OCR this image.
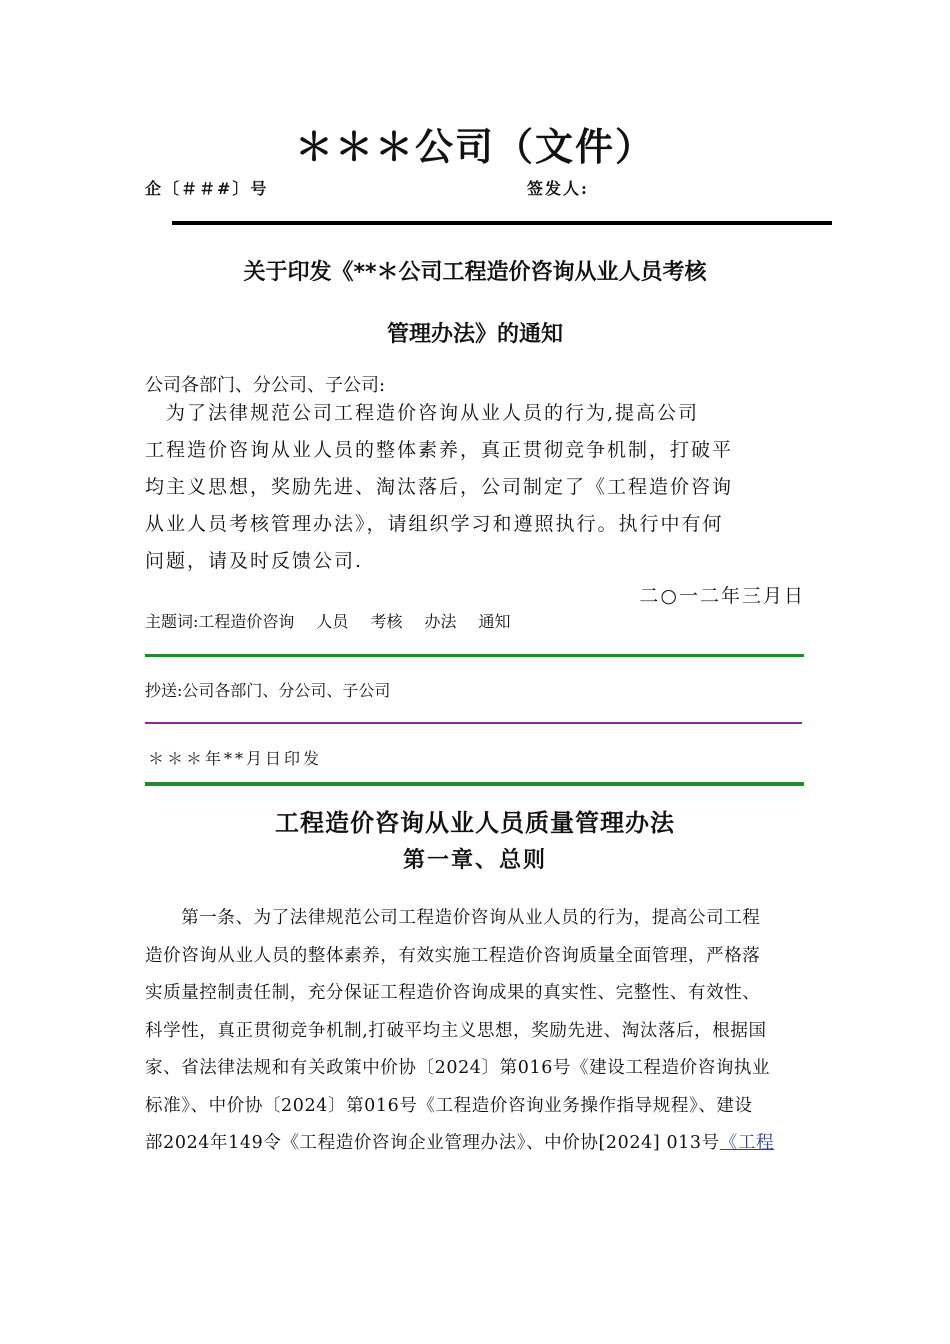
＊＊＊公司（文件）
企〔＃＃#〕号	签发人:
关于印发《**＊公司工程造价咨询从业人员考核
管理办法》的通知
公司各部门、分公司、子公司:
　为了法律规范公司工程造价咨询从业人员的行为,提高公司
工程造价咨询从业人员的整体素养，真正贯彻竞争机制，打破平
均主义思想，奖励先进、淘汰落后，公司制定了《工程造价咨询
从业人员考核管理办法》，请组织学习和遵照执行。执行中有何
问题，请及时反馈公司.
二○一二年三月日
主题词:工程造价咨询 人员 考核 办法 通知
抄送:公司各部门、分公司、子公司
＊＊＊年**月日印发
工程造价咨询从业人员质量管理办法
第一章、总则
　　第一条、为了法律规范公司工程造价咨询从业人员的行为，提高公司工程
造价咨询从业人员的整体素养，有效实施工程造价咨询质量全面管理，严格落
实质量控制责任制，充分保证工程造价咨询成果的真实性、完整性、有效性、
科学性，真正贯彻竞争机制,打破平均主义思想，奖励先进、淘汰落后，根据国
家、省法律法规和有关政策中价协〔2024〕第016号《建设工程造价咨询执业
标准》、中价协〔2024〕第016号《工程造价咨询业务操作指导规程》、建设
部2024年149令《工程造价咨询企业管理办法》、中价协[2024] 013号《工程
